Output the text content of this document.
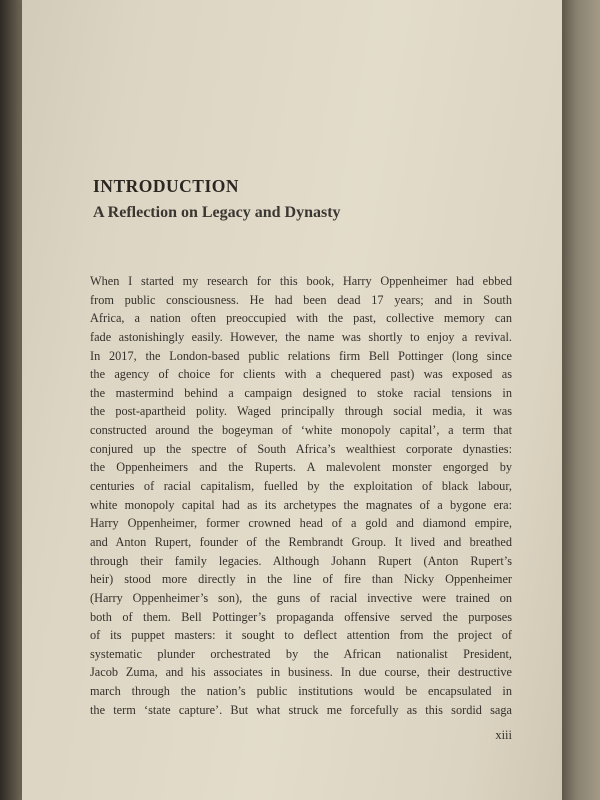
INTRODUCTION
A Reflection on Legacy and Dynasty
When I started my research for this book, Harry Oppenheimer had ebbed
from public consciousness. He had been dead 17 years; and in South
Africa, a nation often preoccupied with the past, collective memory can
fade astonishingly easily. However, the name was shortly to enjoy a revival.
In 2017, the London-based public relations firm Bell Pottinger (long since
the agency of choice for clients with a chequered past) was exposed as
the mastermind behind a campaign designed to stoke racial tensions in
the post-apartheid polity. Waged principally through social media, it was
constructed around the bogeyman of ‘white monopoly capital’, a term that
conjured up the spectre of South Africa’s wealthiest corporate dynasties:
the Oppenheimers and the Ruperts. A malevolent monster engorged by
centuries of racial capitalism, fuelled by the exploitation of black labour,
white monopoly capital had as its archetypes the magnates of a bygone era:
Harry Oppenheimer, former crowned head of a gold and diamond empire,
and Anton Rupert, founder of the Rembrandt Group. It lived and breathed
through their family legacies. Although Johann Rupert (Anton Rupert’s
heir) stood more directly in the line of fire than Nicky Oppenheimer
(Harry Oppenheimer’s son), the guns of racial invective were trained on
both of them. Bell Pottinger’s propaganda offensive served the purposes
of its puppet masters: it sought to deflect attention from the project of
systematic plunder orchestrated by the African nationalist President,
Jacob Zuma, and his associates in business. In due course, their destructive
march through the nation’s public institutions would be encapsulated in
the term ‘state capture’. But what struck me forcefully as this sordid saga
xiii
